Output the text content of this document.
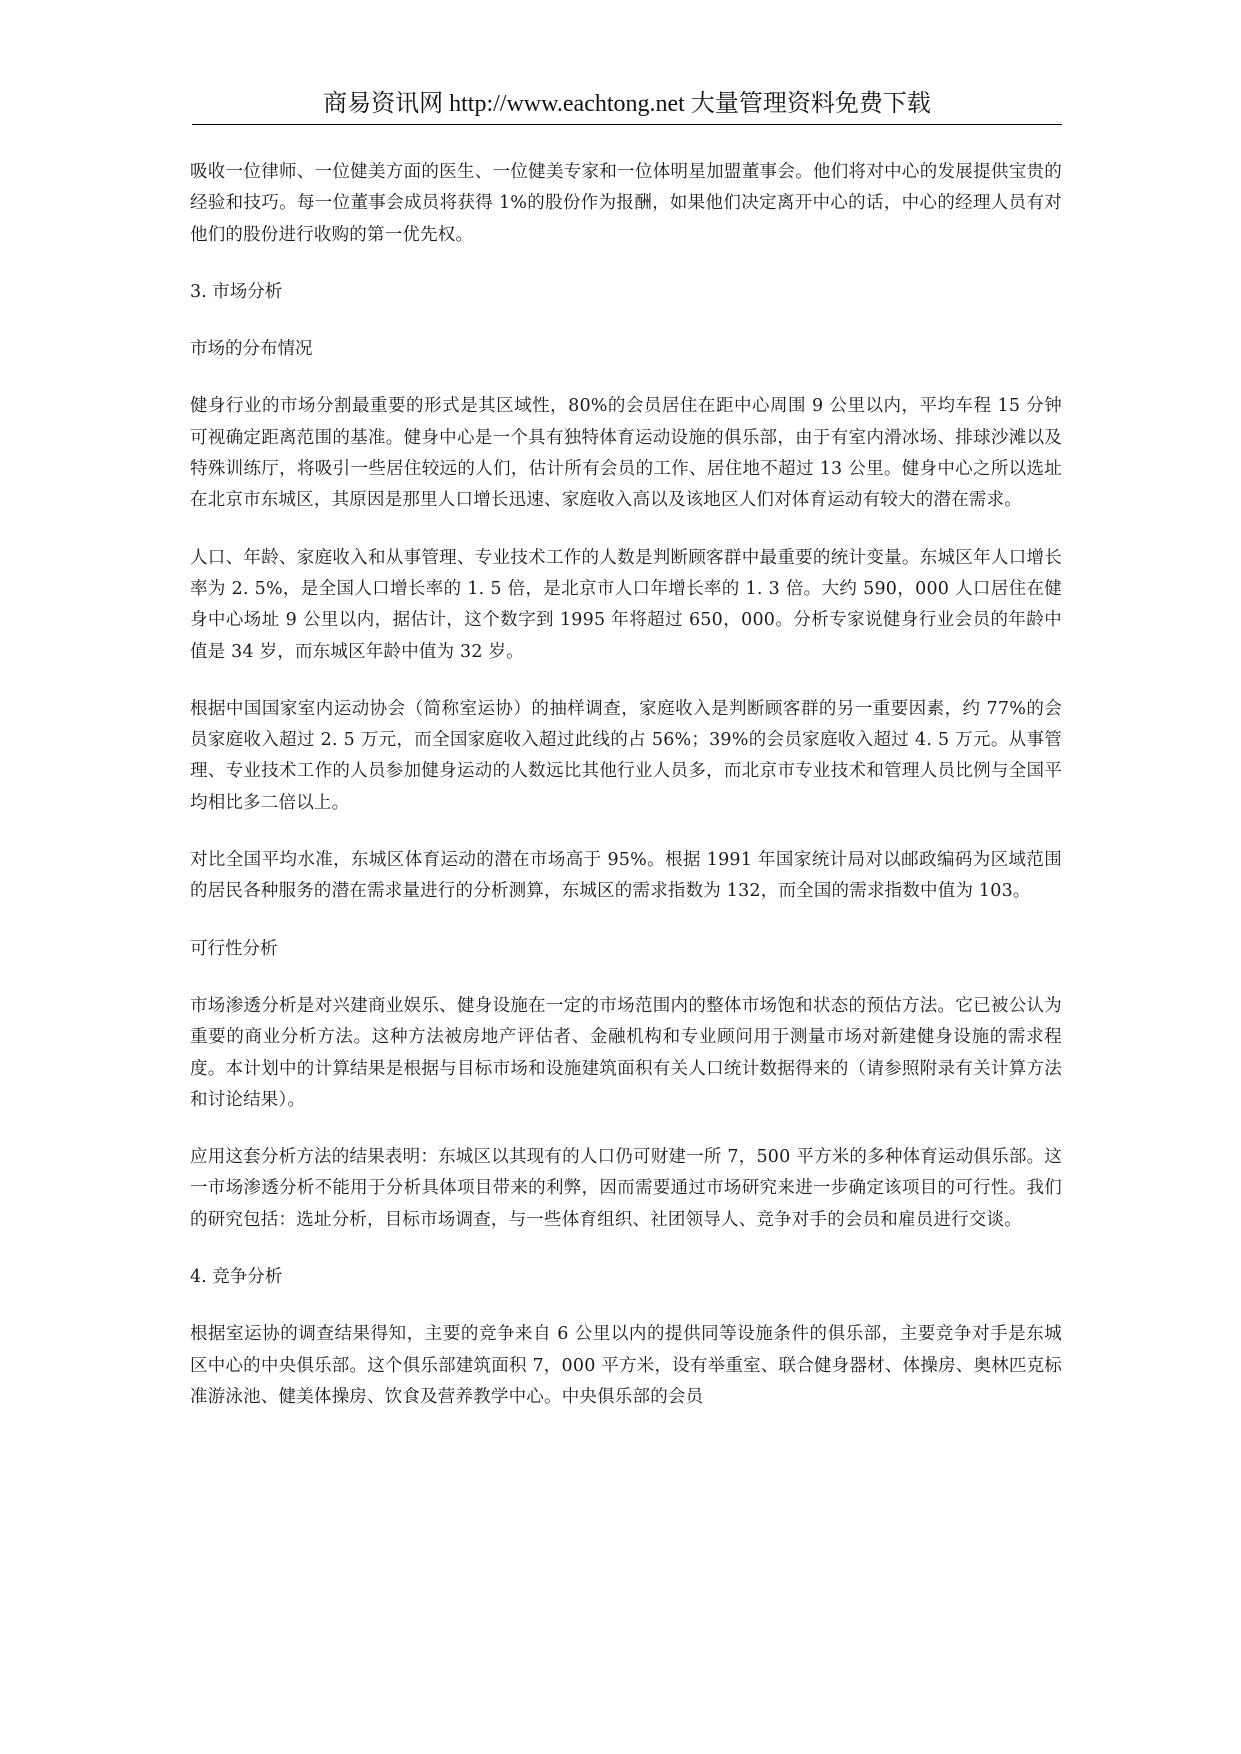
商易资讯网 http://www.eachtong.net 大量管理资料免费下载

吸收一位律师、一位健美方面的医生、一位健美专家和一位体明星加盟董事会。他们将对中心的发展提供宝贵的经验和技巧。每一位董事会成员将获得 1%的股份作为报酬，如果他们决定离开中心的话，中心的经理人员有对他们的股份进行收购的第一优先权。

3. 市场分析

市场的分布情况

健身行业的市场分割最重要的形式是其区域性，80%的会员居住在距中心周围 9 公里以内，平均车程 15 分钟可视确定距离范围的基准。健身中心是一个具有独特体育运动设施的俱乐部，由于有室内滑冰场、排球沙滩以及特殊训练厅，将吸引一些居住较远的人们，估计所有会员的工作、居住地不超过 13 公里。健身中心之所以选址在北京市东城区，其原因是那里人口增长迅速、家庭收入高以及该地区人们对体育运动有较大的潜在需求。

人口、年龄、家庭收入和从事管理、专业技术工作的人数是判断顾客群中最重要的统计变量。东城区年人口增长率为 2. 5%，是全国人口增长率的 1. 5 倍，是北京市人口年增长率的 1. 3 倍。大约 590，000 人口居住在健身中心场址 9 公里以内，据估计，这个数字到 1995 年将超过 650，000。分析专家说健身行业会员的年龄中值是 34 岁，而东城区年龄中值为 32 岁。

根据中国国家室内运动协会（简称室运协）的抽样调查，家庭收入是判断顾客群的另一重要因素，约 77%的会员家庭收入超过 2. 5 万元，而全国家庭收入超过此线的占 56%；39%的会员家庭收入超过 4. 5 万元。从事管理、专业技术工作的人员参加健身运动的人数远比其他行业人员多，而北京市专业技术和管理人员比例与全国平均相比多二倍以上。

对比全国平均水准，东城区体育运动的潜在市场高于 95%。根据 1991 年国家统计局对以邮政编码为区域范围的居民各种服务的潜在需求量进行的分析测算，东城区的需求指数为 132，而全国的需求指数中值为 103。

可行性分析

市场渗透分析是对兴建商业娱乐、健身设施在一定的市场范围内的整体市场饱和状态的预估方法。它已被公认为重要的商业分析方法。这种方法被房地产评估者、金融机构和专业顾问用于测量市场对新建健身设施的需求程度。本计划中的计算结果是根据与目标市场和设施建筑面积有关人口统计数据得来的（请参照附录有关计算方法和讨论结果）。

应用这套分析方法的结果表明：东城区以其现有的人口仍可财建一所 7，500 平方米的多种体育运动俱乐部。这一市场渗透分析不能用于分析具体项目带来的利弊，因而需要通过市场研究来进一步确定该项目的可行性。我们的研究包括：选址分析，目标市场调查，与一些体育组织、社团领导人、竞争对手的会员和雇员进行交谈。

4. 竞争分析

根据室运协的调查结果得知，主要的竞争来自 6 公里以内的提供同等设施条件的俱乐部，主要竞争对手是东城区中心的中央俱乐部。这个俱乐部建筑面积 7，000 平方米，设有举重室、联合健身器材、体操房、奥林匹克标准游泳池、健美体操房、饮食及营养教学中心。中央俱乐部的会员
